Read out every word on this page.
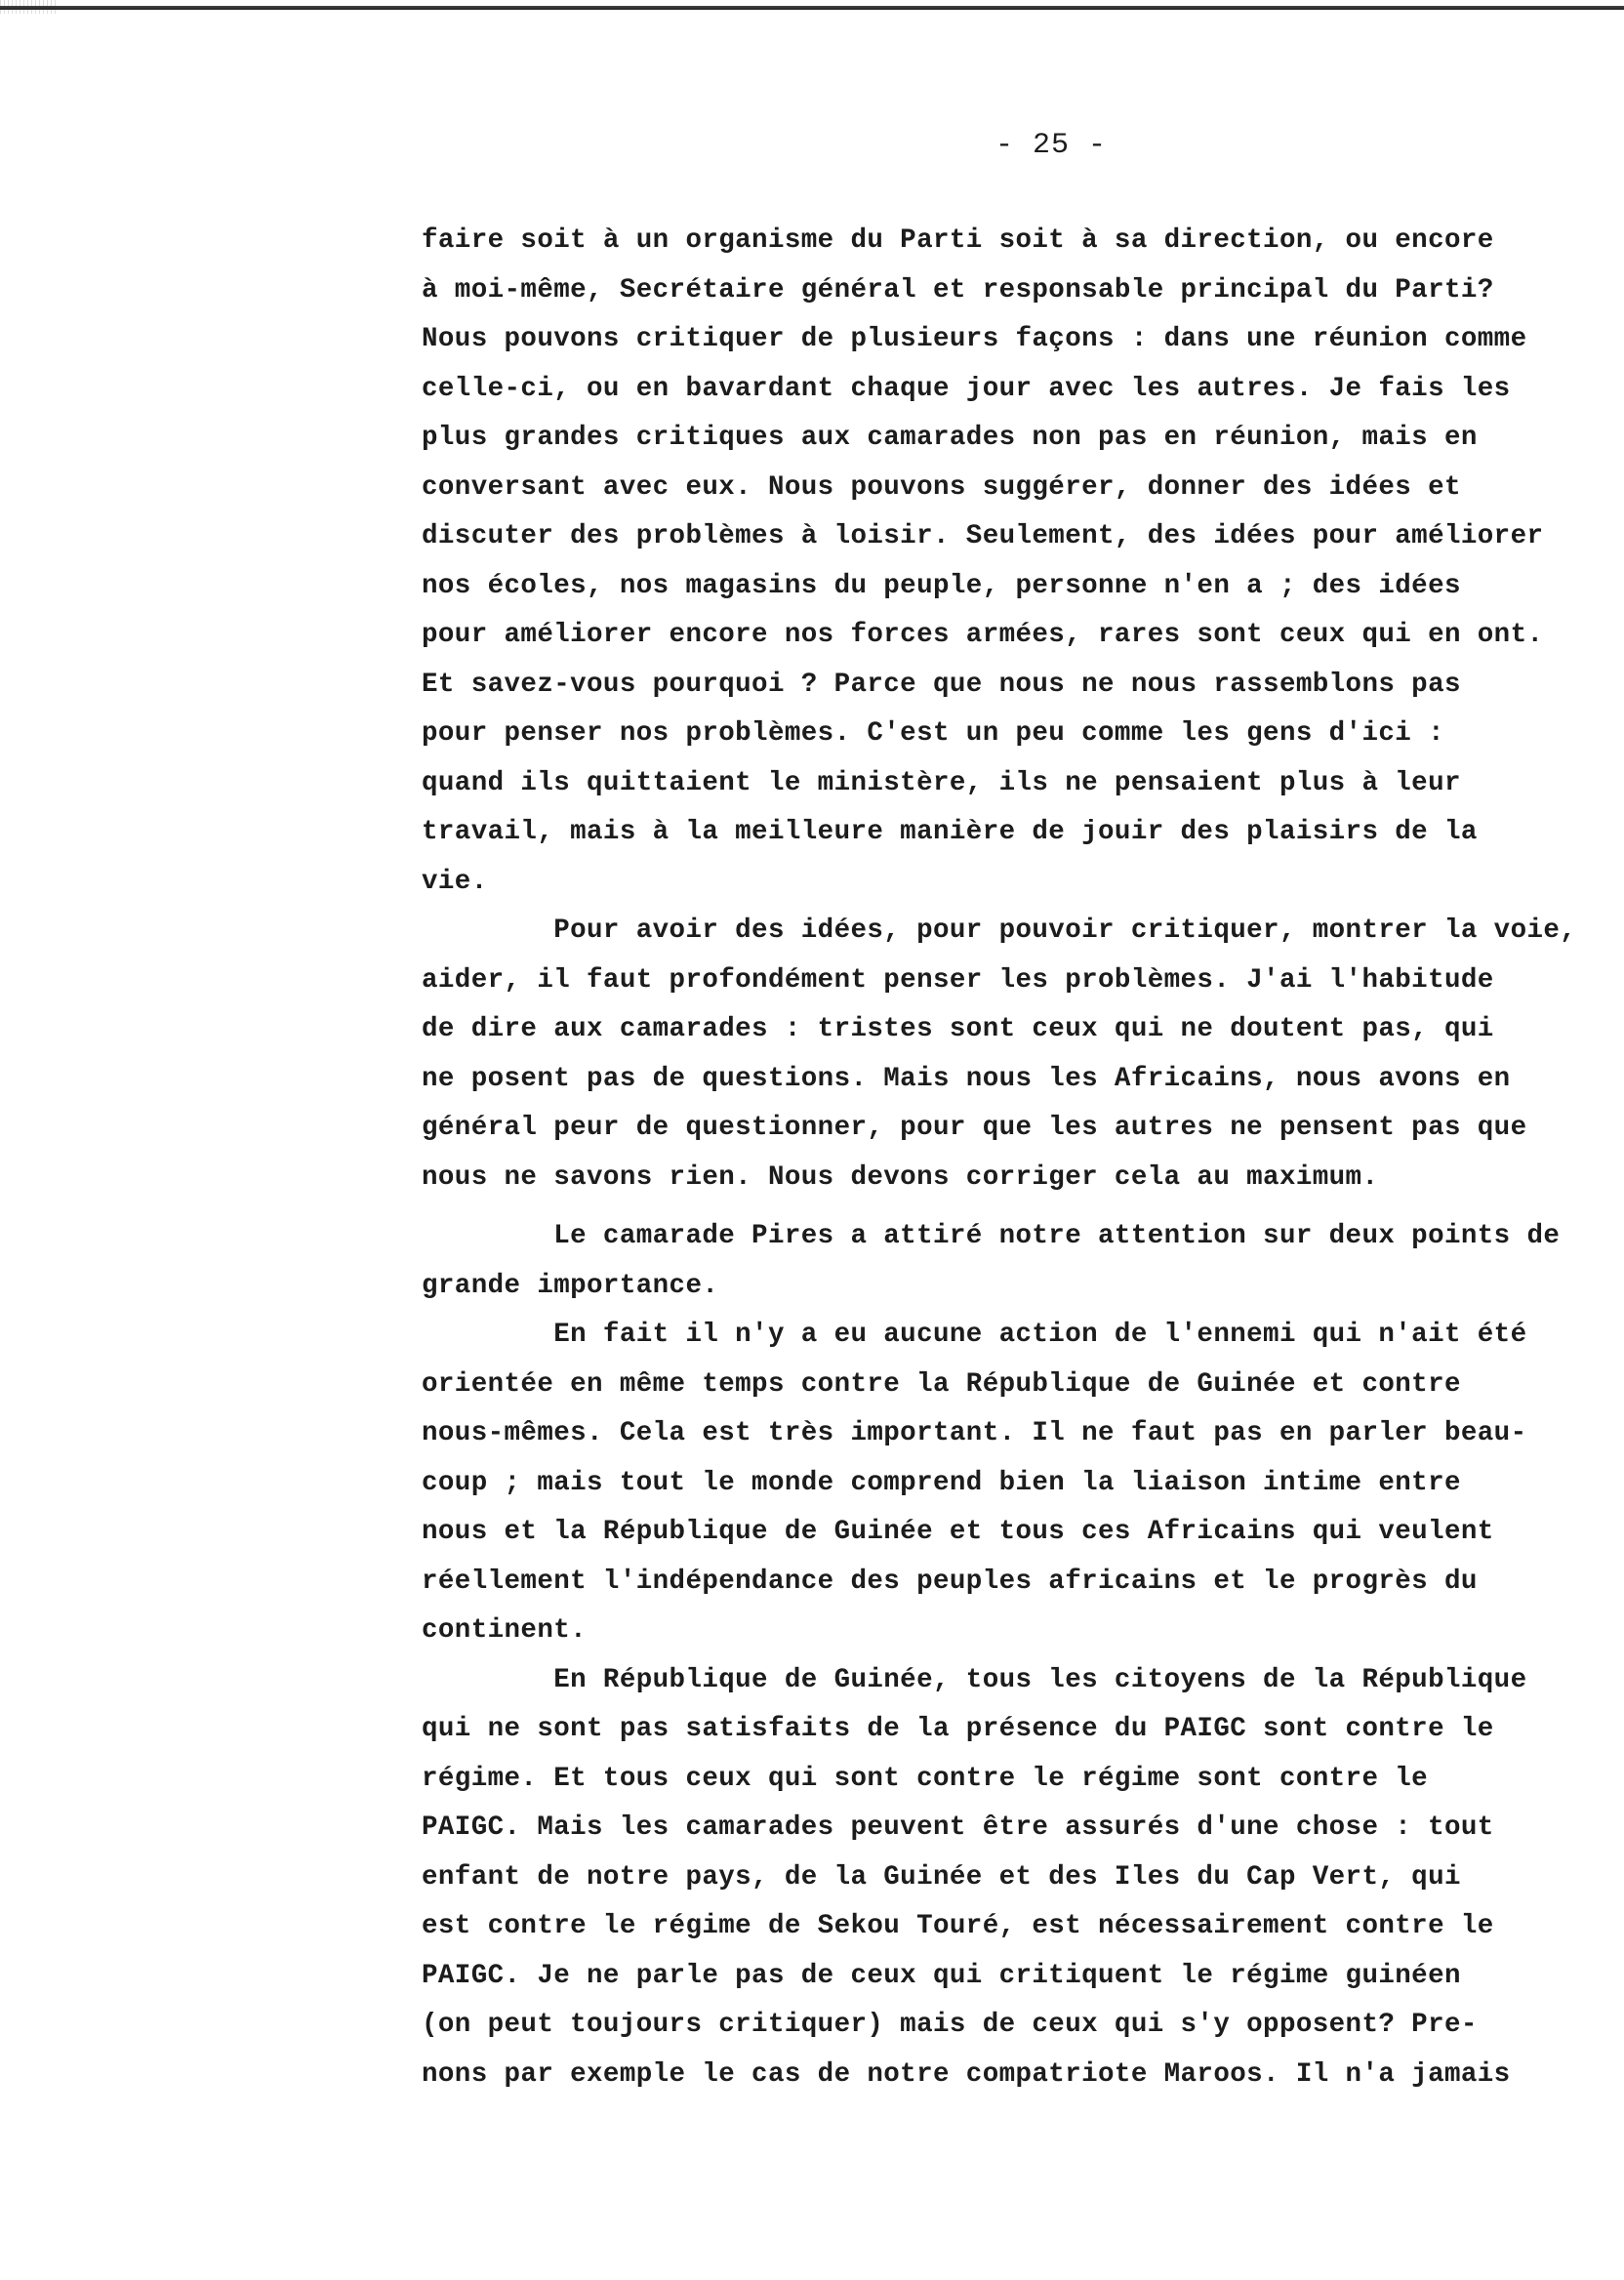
- 25 -
faire soit à un organisme du Parti soit à sa direction, ou encore
à moi-même, Secrétaire général et responsable principal du Parti?
Nous pouvons critiquer de plusieurs façons : dans une réunion comme
celle-ci, ou en bavardant chaque jour avec les autres. Je fais les
plus grandes critiques aux camarades non pas en réunion, mais en
conversant avec eux. Nous pouvons suggérer, donner des idées et
discuter des problèmes à loisir. Seulement, des idées pour améliorer
nos écoles, nos magasins du peuple, personne n'en a ; des idées
pour améliorer encore nos forces armées, rares sont ceux qui en ont.
Et savez-vous pourquoi ? Parce que nous ne nous rassemblons pas
pour penser nos problèmes. C'est un peu comme les gens d'ici :
quand ils quittaient le ministère, ils ne pensaient plus à leur
travail, mais à la meilleure manière de jouir des plaisirs de la
vie.
Pour avoir des idées, pour pouvoir critiquer, montrer la voie,
aider, il faut profondément penser les problèmes. J'ai l'habitude
de dire aux camarades : tristes sont ceux qui ne doutent pas, qui
ne posent pas de questions. Mais nous les Africains, nous avons en
général peur de questionner, pour que les autres ne pensent pas que
nous ne savons rien. Nous devons corriger cela au maximum.
Le camarade Pires a attiré notre attention sur deux points de
grande importance.
En fait il n'y a eu aucune action de l'ennemi qui n'ait été
orientée en même temps contre la République de Guinée et contre
nous-mêmes. Cela est très important. Il ne faut pas en parler beau-
coup ; mais tout le monde comprend bien la liaison intime entre
nous et la République de Guinée et tous ces Africains qui veulent
réellement l'indépendance des peuples africains et le progrès du
continent.
En République de Guinée, tous les citoyens de la République
qui ne sont pas satisfaits de la présence du PAIGC sont contre le
régime. Et tous ceux qui sont contre le régime sont contre le
PAIGC. Mais les camarades peuvent être assurés d'une chose : tout
enfant de notre pays, de la Guinée et des Iles du Cap Vert, qui
est contre le régime de Sekou Touré, est nécessairement contre le
PAIGC. Je ne parle pas de ceux qui critiquent le régime guinéen
(on peut toujours critiquer) mais de ceux qui s'y opposent? Pre-
nons par exemple le cas de notre compatriote Maroos. Il n'a jamais
